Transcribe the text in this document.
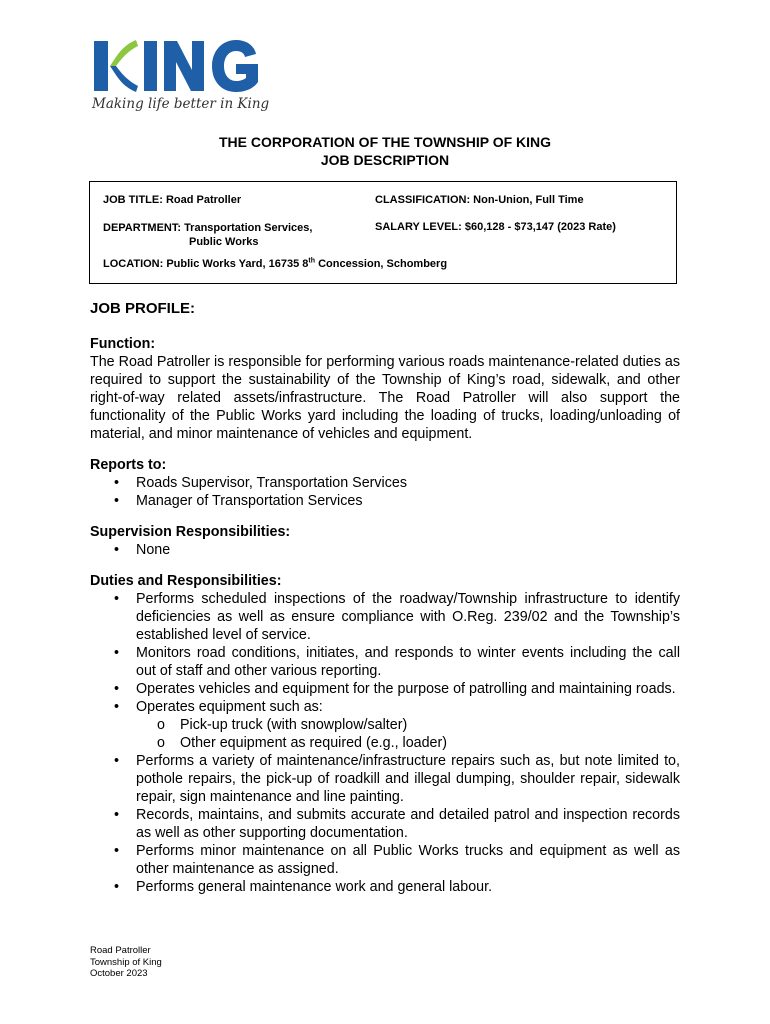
Making life better in King
THE CORPORATION OF THE TOWNSHIP OF KING
JOB DESCRIPTION
JOB TITLE: Road Patroller	CLASSIFICATION: Non-Union, Full Time
DEPARTMENT: Transportation Services,
Public Works
SALARY LEVEL: $60,128 - $73,147 (2023 Rate)
LOCATION: Public Works Yard, 16735 8th Concession, Schomberg
JOB PROFILE:
Function:

The Road Patroller is responsible for performing various roads maintenance-related duties as required to support the sustainability of the Township of King’s road, sidewalk, and other right-of-way related assets/infrastructure. The Road Patroller will also support the functionality of the Public Works yard including the loading of trucks, loading/unloading of material, and minor maintenance of vehicles and equipment.

Reports to:
• Roads Supervisor, Transportation Services
• Manager of Transportation Services
Supervision Responsibilities:
• None
Duties and Responsibilities:
• Performs scheduled inspections of the roadway/Township infrastructure to identify deficiencies as well as ensure compliance with O.Reg. 239/02 and the Township’s established level of service.
• Monitors road conditions, initiates, and responds to winter events including the call out of staff and other various reporting.
• Operates vehicles and equipment for the purpose of patrolling and maintaining roads.
• Operates equipment such as:
o Pick-up truck (with snowplow/salter)
o Other equipment as required (e.g., loader)
• Performs a variety of maintenance/infrastructure repairs such as, but note limited to, pothole repairs, the pick-up of roadkill and illegal dumping, shoulder repair, sidewalk repair, sign maintenance and line painting.
• Records, maintains, and submits accurate and detailed patrol and inspection records as well as other supporting documentation.
• Performs minor maintenance on all Public Works trucks and equipment as well as other maintenance as assigned.
• Performs general maintenance work and general labour.
Road Patroller
Township of King
October 2023
